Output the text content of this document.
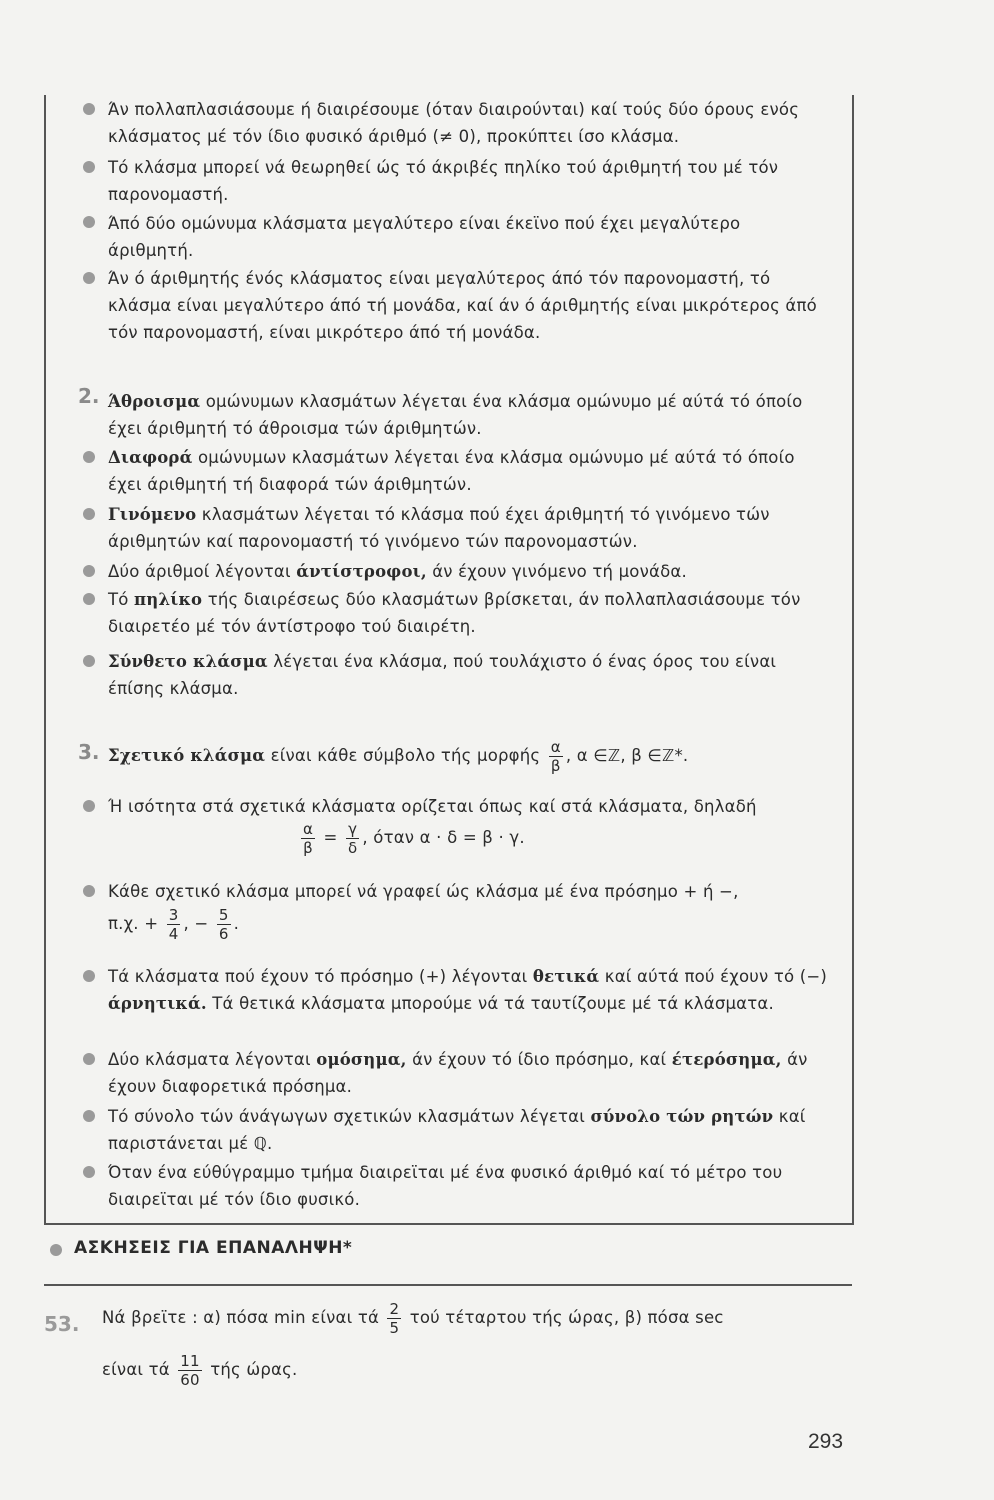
Άν πολλαπλασιάσουμε ή διαιρέσουμε (όταν διαιρούνται) καί τούς δύο όρους ενός κλάσματος μέ τόν ίδιο φυσικό άριθμό (≠ 0), προκύπτει ίσο κλάσμα.
Τό κλάσμα μπορεί νά θεωρηθεί ώς τό άκριβές πηλίκο τού άριθμητή του μέ τόν παρονομαστή.
Άπό δύο ομώνυμα κλάσματα μεγαλύτερο είναι έκεϊνο πού έχει μεγαλύτερο άριθμητή.
Άν ό άριθμητής ένός κλάσματος είναι μεγαλύτερος άπό τόν παρονομαστή, τό κλάσμα είναι μεγαλύτερο άπό τή μονάδα, καί άν ό άριθμητής είναι μικρότερος άπό τόν παρονομαστή, είναι μικρότερο άπό τή μονάδα.
2. Άθροισμα ομώνυμων κλασμάτων λέγεται ένα κλάσμα ομώνυμο μέ αύτά τό όποίο έχει άριθμητή τό άθροισμα τών άριθμητών.
Διαφορά ομώνυμων κλασμάτων λέγεται ένα κλάσμα ομώνυμο μέ αύτά τό όποίο έχει άριθμητή τή διαφορά τών άριθμητών.
Γινόμενο κλασμάτων λέγεται τό κλάσμα πού έχει άριθμητή τό γινόμενο τών άριθμητών καί παρονομαστή τό γινόμενο τών παρονομαστών.
Δύο άριθμοί λέγονται άντίστροφοι, άν έχουν γινόμενο τή μονάδα.
Τό πηλίκο τής διαιρέσεως δύο κλασμάτων βρίσκεται, άν πολλαπλασιάσουμε τόν διαιρετέο μέ τόν άντίστροφο τού διαιρέτη.
Σύνθετο κλάσμα λέγεται ένα κλάσμα, πού τουλάχιστο ό ένας όρος του είναι έπίσης κλάσμα.
3. Σχετικό κλάσμα είναι κάθε σύμβολο τής μορφής $\frac{\alpha}{\beta}$ , α ∈ℤ, β ∈ℤ*.
Ή ισότητα στά σχετικά κλάσματα ορίζεται όπως καί στά κλάσματα, δηλαδή
$\frac{\alpha}{\beta} = \frac{\gamma}{\delta}$ , όταν α · δ = β · γ.
Κάθε σχετικό κλάσμα μπορεί νά γραφεί ώς κλάσμα μέ ένα πρόσημο + ή −,
π.χ. + $\frac{3}{4}$ , − $\frac{5}{6}$ .
Τά κλάσματα πού έχουν τό πρόσημο (+) λέγονται θετικά καί αύτά πού έχουν τό (−) άρνητικά. Τά θετικά κλάσματα μπορούμε νά τά ταυτίζουμε μέ τά κλάσματα.
Δύο κλάσματα λέγονται ομόσημα, άν έχουν τό ίδιο πρόσημο, καί έτερόσημα, άν έχουν διαφορετικά πρόσημα.
Τό σύνολο τών άνάγωγων σχετικών κλασμάτων λέγεται σύνολο τών ρητών καί παριστάνεται μέ ℚ.
Όταν ένα εύθύγραμμο τμήμα διαιρεϊται μέ ένα φυσικό άριθμό καί τό μέτρο του διαιρεϊται μέ τόν ίδιο φυσικό.
ΑΣΚΗΣΕΙΣ ΓΙΑ ΕΠΑΝΑΛΗΨΗ*
53. Νά βρεϊτε : α) πόσα min είναι τά $\frac{2}{5}$ τού τέταρτου τής ώρας, β) πόσα sec
είναι τά $\frac{11}{60}$ τής ώρας.
293
